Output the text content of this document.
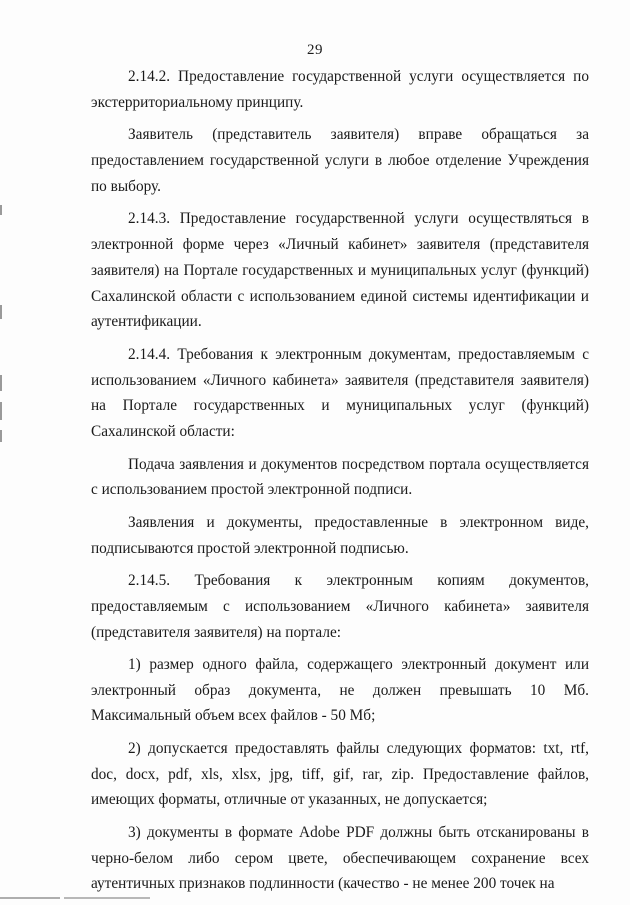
29

2.14.2. Предоставление государственной услуги осуществляется по экстерриториальному принципу.

Заявитель (представитель заявителя) вправе обращаться за предоставлением государственной услуги в любое отделение Учреждения по выбору.

2.14.3. Предоставление государственной услуги осуществляться в электронной форме через «Личный кабинет» заявителя (представителя заявителя) на Портале государственных и муниципальных услуг (функций) Сахалинской области с использованием единой системы идентификации и аутентификации.

2.14.4. Требования к электронным документам, предоставляемым с использованием «Личного кабинета» заявителя (представителя заявителя) на Портале государственных и муниципальных услуг (функций) Сахалинской области:

Подача заявления и документов посредством портала осуществляется с использованием простой электронной подписи.

Заявления и документы, предоставленные в электронном виде, подписываются простой электронной подписью.

2.14.5. Требования к электронным копиям документов, предоставляемым с использованием «Личного кабинета» заявителя (представителя заявителя) на портале:

1) размер одного файла, содержащего электронный документ или электронный образ документа, не должен превышать 10 Мб. Максимальный объем всех файлов - 50 Мб;

2) допускается предоставлять файлы следующих форматов: txt, rtf, doc, docx, pdf, xls, xlsx, jpg, tiff, gif, rar, zip. Предоставление файлов, имеющих форматы, отличные от указанных, не допускается;

3) документы в формате Adobe PDF должны быть отсканированы в черно-белом либо сером цвете, обеспечивающем сохранение всех аутентичных признаков подлинности (качество - не менее 200 точек на
